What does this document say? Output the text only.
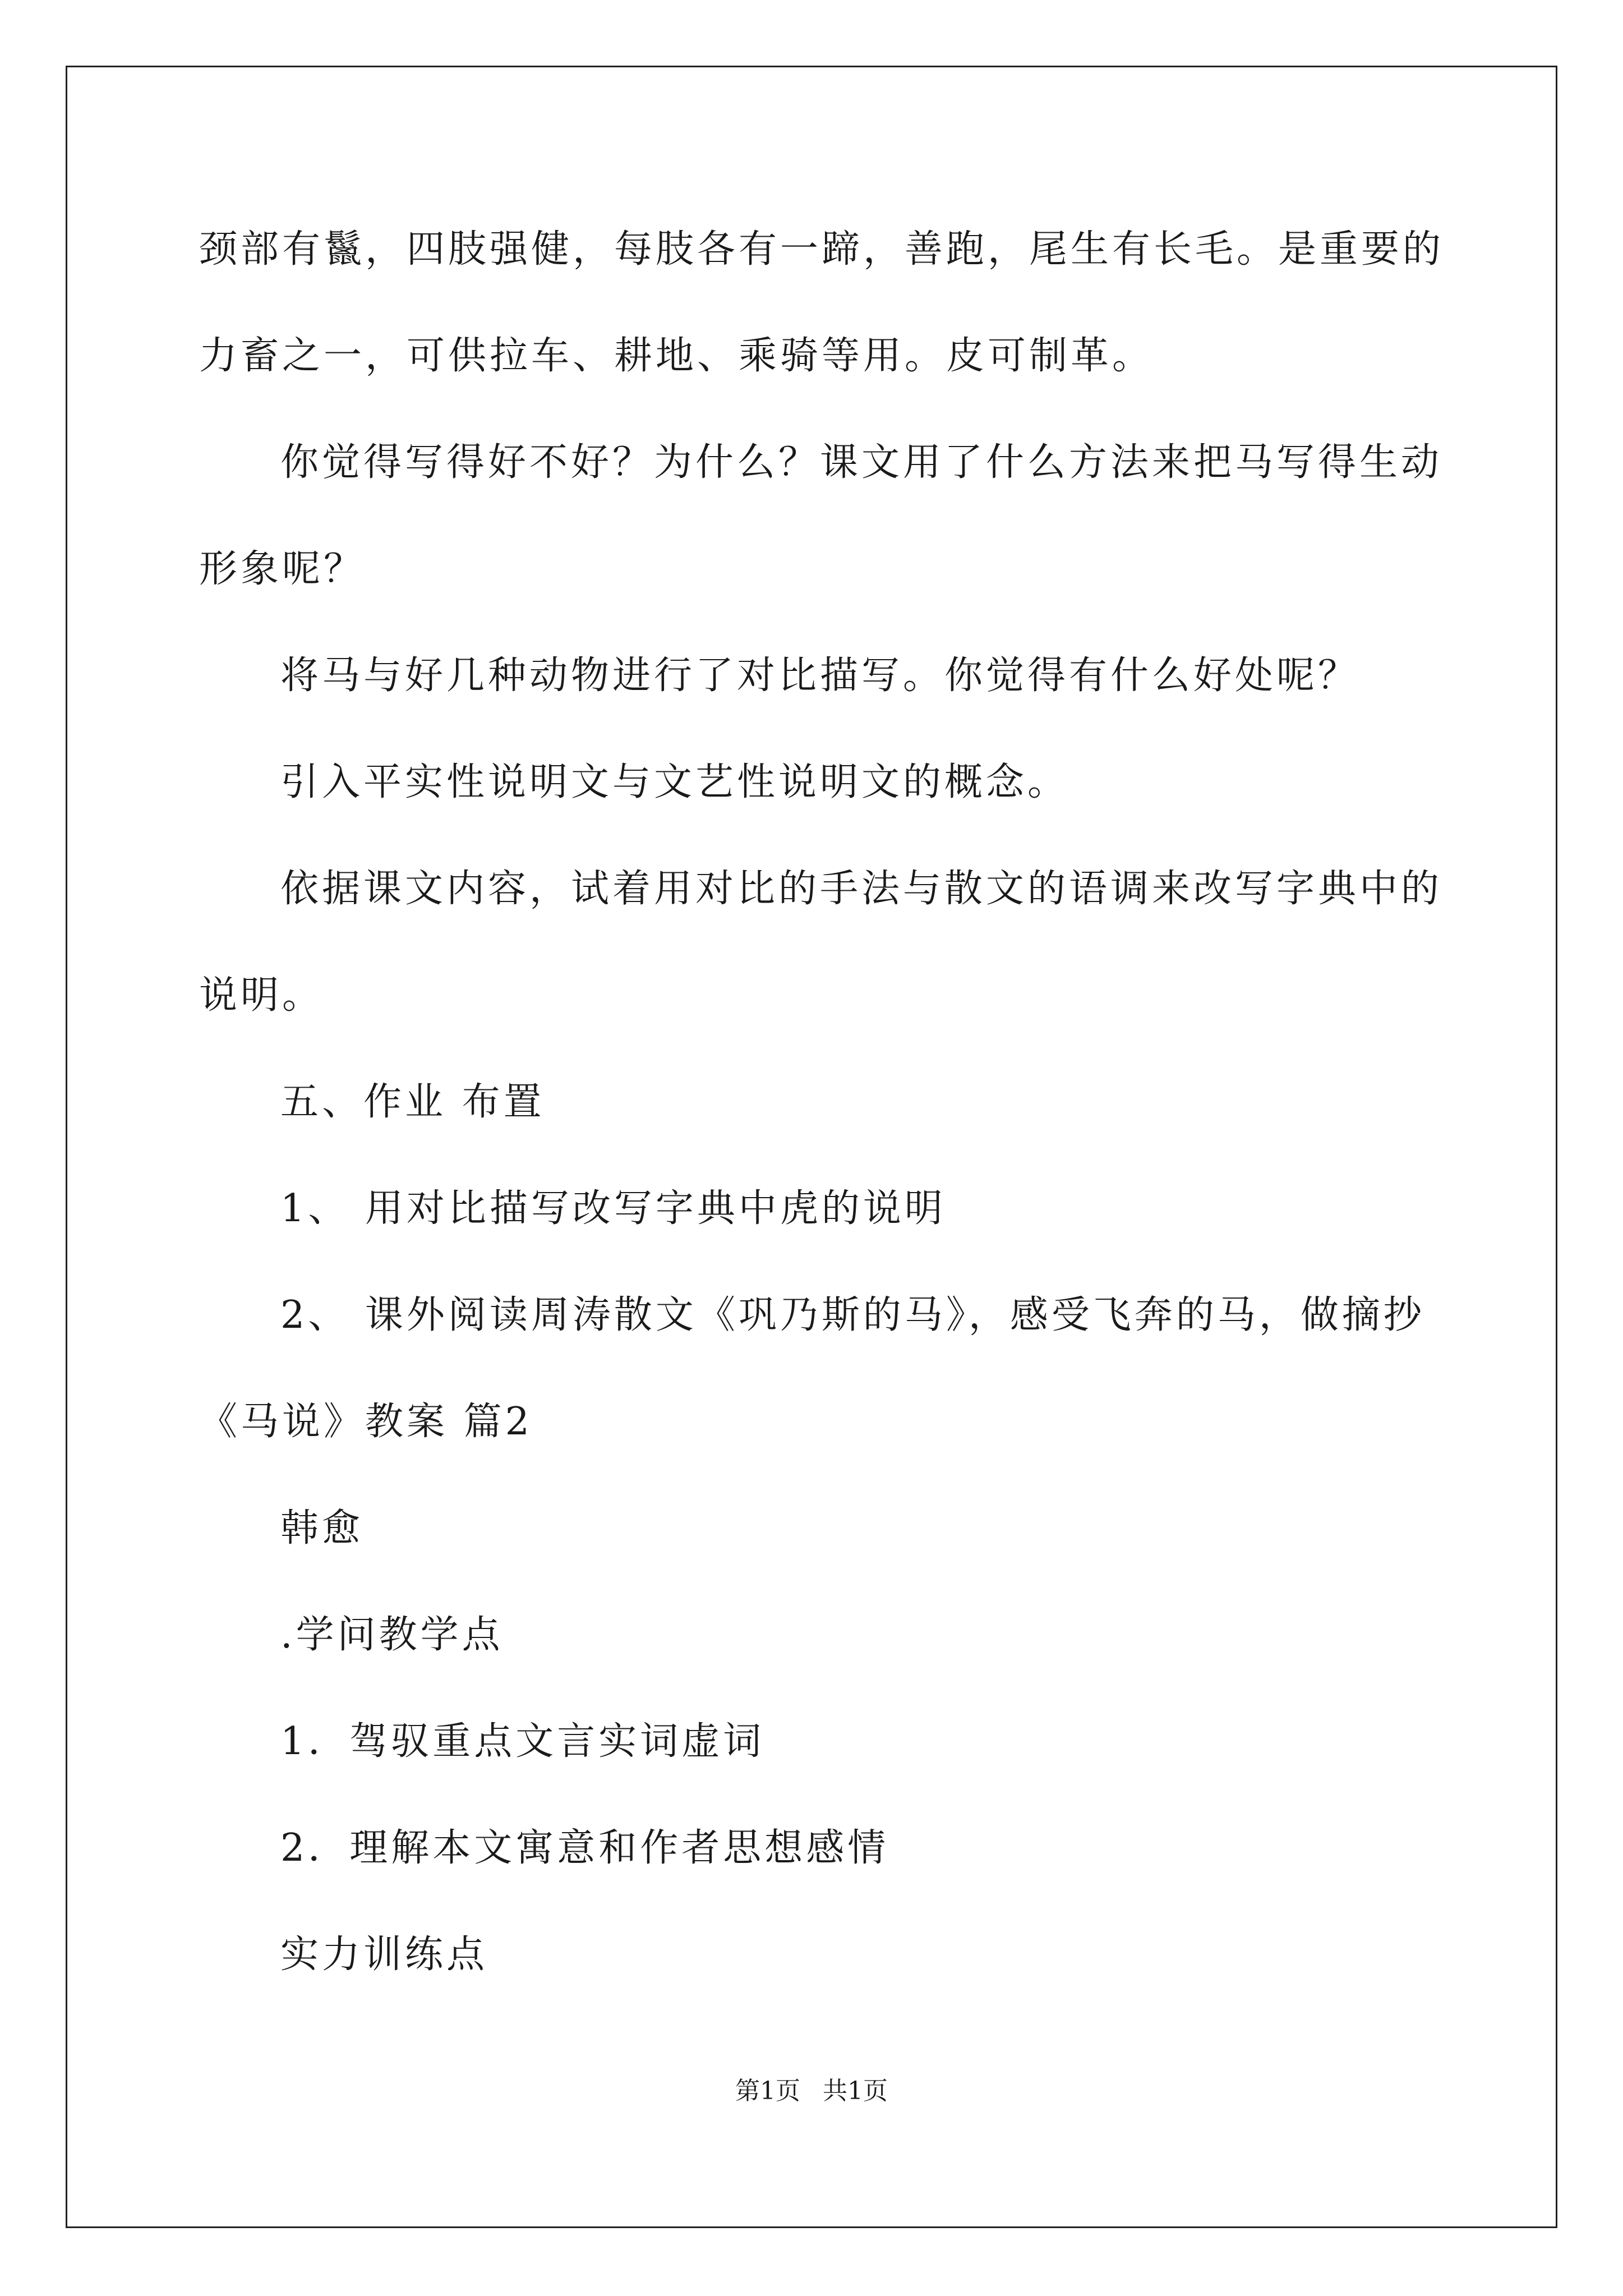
颈部有鬣，四肢强健，每肢各有一蹄，善跑，尾生有长毛。是重要的
力畜之一，可供拉车、耕地、乘骑等用。皮可制革。
你觉得写得好不好？为什么？课文用了什么方法来把马写得生动
形象呢？
将马与好几种动物进行了对比描写。你觉得有什么好处呢？
引入平实性说明文与文艺性说明文的概念。
依据课文内容，试着用对比的手法与散文的语调来改写字典中的
说明。
五、作业 布置
1、 用对比描写改写字典中虎的说明
2、 课外阅读周涛散文《巩乃斯的马》，感受飞奔的马，做摘抄
《马说》教案 篇2
韩愈
.学问教学点
1．驾驭重点文言实词虚词
2．理解本文寓意和作者思想感情
实力训练点
第1页 共1页
